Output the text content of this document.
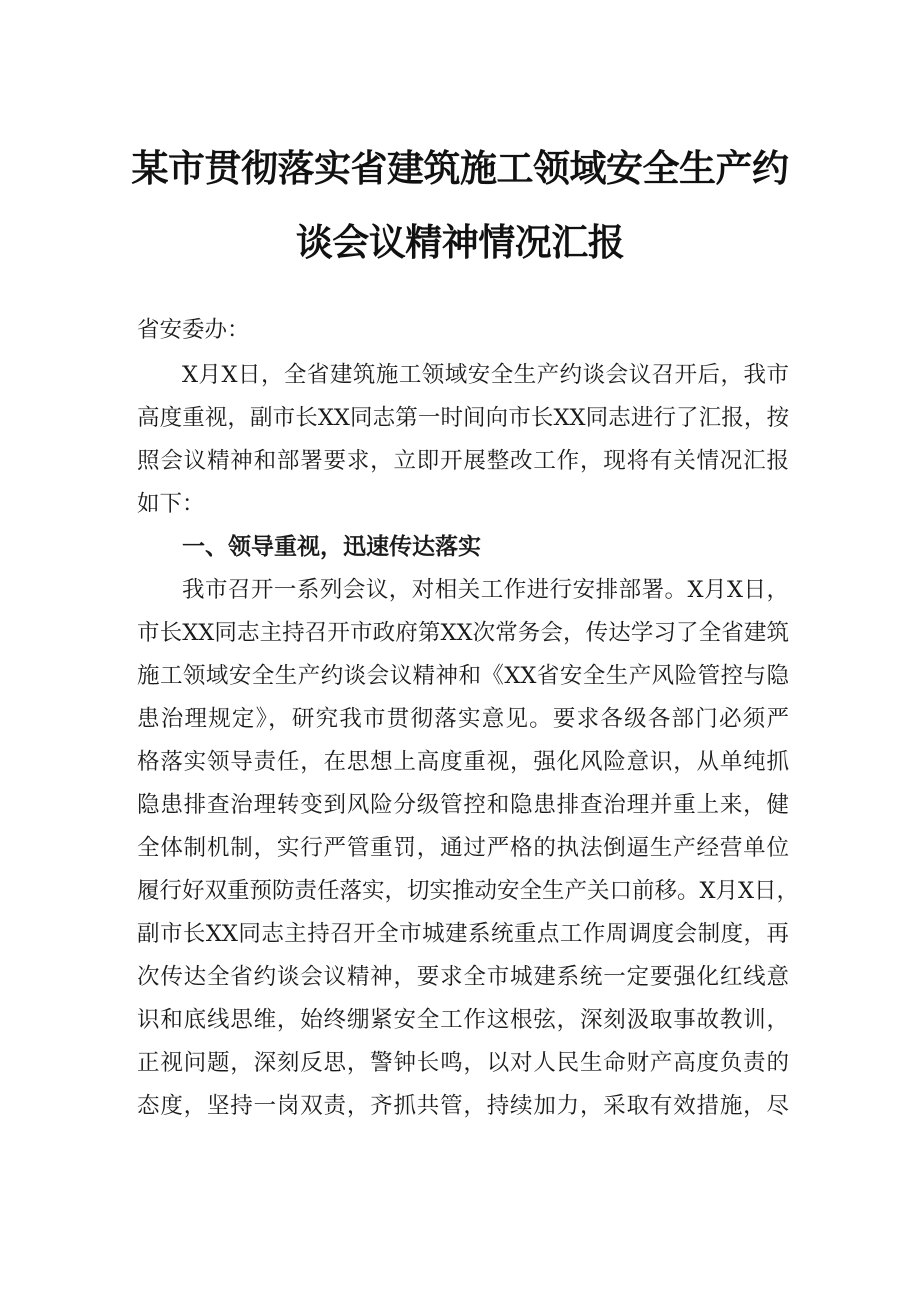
某市贯彻落实省建筑施工领域安全生产约
谈会议精神情况汇报
省安委办：
X月X日，全省建筑施工领域安全生产约谈会议召开后，我市
高度重视，副市长XX同志第一时间向市长XX同志进行了汇报，按
照会议精神和部署要求，立即开展整改工作，现将有关情况汇报
如下：
一、领导重视，迅速传达落实
我市召开一系列会议，对相关工作进行安排部署。X月X日，
市长XX同志主持召开市政府第XX次常务会，传达学习了全省建筑
施工领域安全生产约谈会议精神和《XX省安全生产风险管控与隐
患治理规定》，研究我市贯彻落实意见。要求各级各部门必须严
格落实领导责任，在思想上高度重视，强化风险意识，从单纯抓
隐患排查治理转变到风险分级管控和隐患排查治理并重上来，健
全体制机制，实行严管重罚，通过严格的执法倒逼生产经营单位
履行好双重预防责任落实，切实推动安全生产关口前移。X月X日，
副市长XX同志主持召开全市城建系统重点工作周调度会制度，再
次传达全省约谈会议精神，要求全市城建系统一定要强化红线意
识和底线思维，始终绷紧安全工作这根弦，深刻汲取事故教训，
正视问题，深刻反思，警钟长鸣，以对人民生命财产高度负责的
态度，坚持一岗双责，齐抓共管，持续加力，采取有效措施，尽
